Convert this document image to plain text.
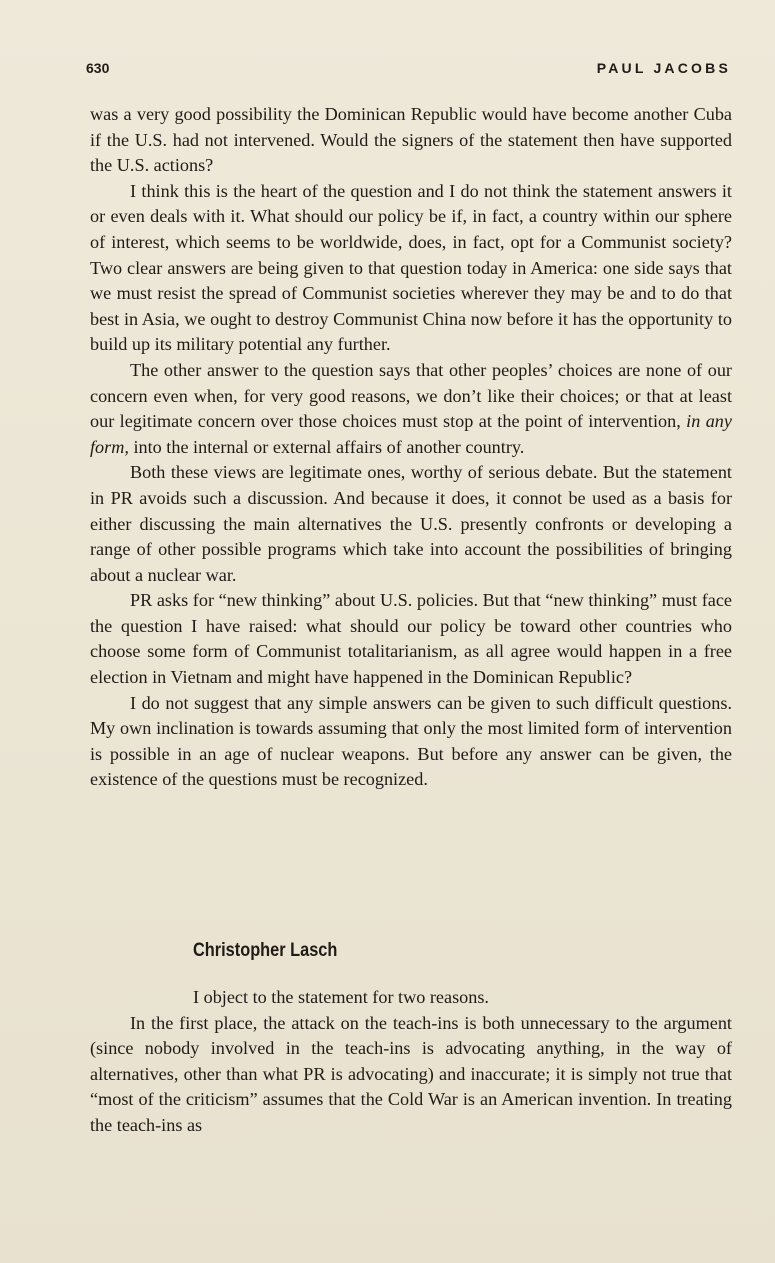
630	PAUL JACOBS

was a very good possibility the Dominican Republic would have become another Cuba if the U.S. had not intervened. Would the signers of the statement then have supported the U.S. actions?

I think this is the heart of the question and I do not think the statement answers it or even deals with it. What should our policy be if, in fact, a country within our sphere of interest, which seems to be worldwide, does, in fact, opt for a Communist society? Two clear answers are being given to that question today in America: one side says that we must resist the spread of Communist societies wherever they may be and to do that best in Asia, we ought to destroy Communist China now before it has the opportunity to build up its military potential any further.

The other answer to the question says that other peoples’ choices are none of our concern even when, for very good reasons, we don’t like their choices; or that at least our legitimate concern over those choices must stop at the point of intervention, in any form, into the internal or external affairs of another country.

Both these views are legitimate ones, worthy of serious debate. But the statement in PR avoids such a discussion. And because it does, it connot be used as a basis for either discussing the main alternatives the U.S. presently confronts or developing a range of other possible programs which take into account the possibilities of bringing about a nuclear war.

PR asks for “new thinking” about U.S. policies. But that “new thinking” must face the question I have raised: what should our policy be toward other countries who choose some form of Communist totalitarianism, as all agree would happen in a free election in Vietnam and might have happened in the Dominican Republic?

I do not suggest that any simple answers can be given to such difficult questions. My own inclination is towards assuming that only the most limited form of intervention is possible in an age of nuclear weapons. But before any answer can be given, the existence of the questions must be recognized.

Christopher Lasch

I object to the statement for two reasons.

In the first place, the attack on the teach-ins is both unnecessary to the argument (since nobody involved in the teach-ins is advocating anything, in the way of alternatives, other than what PR is advocating) and inaccurate; it is simply not true that “most of the criticism” assumes that the Cold War is an American invention. In treating the teach-ins as
